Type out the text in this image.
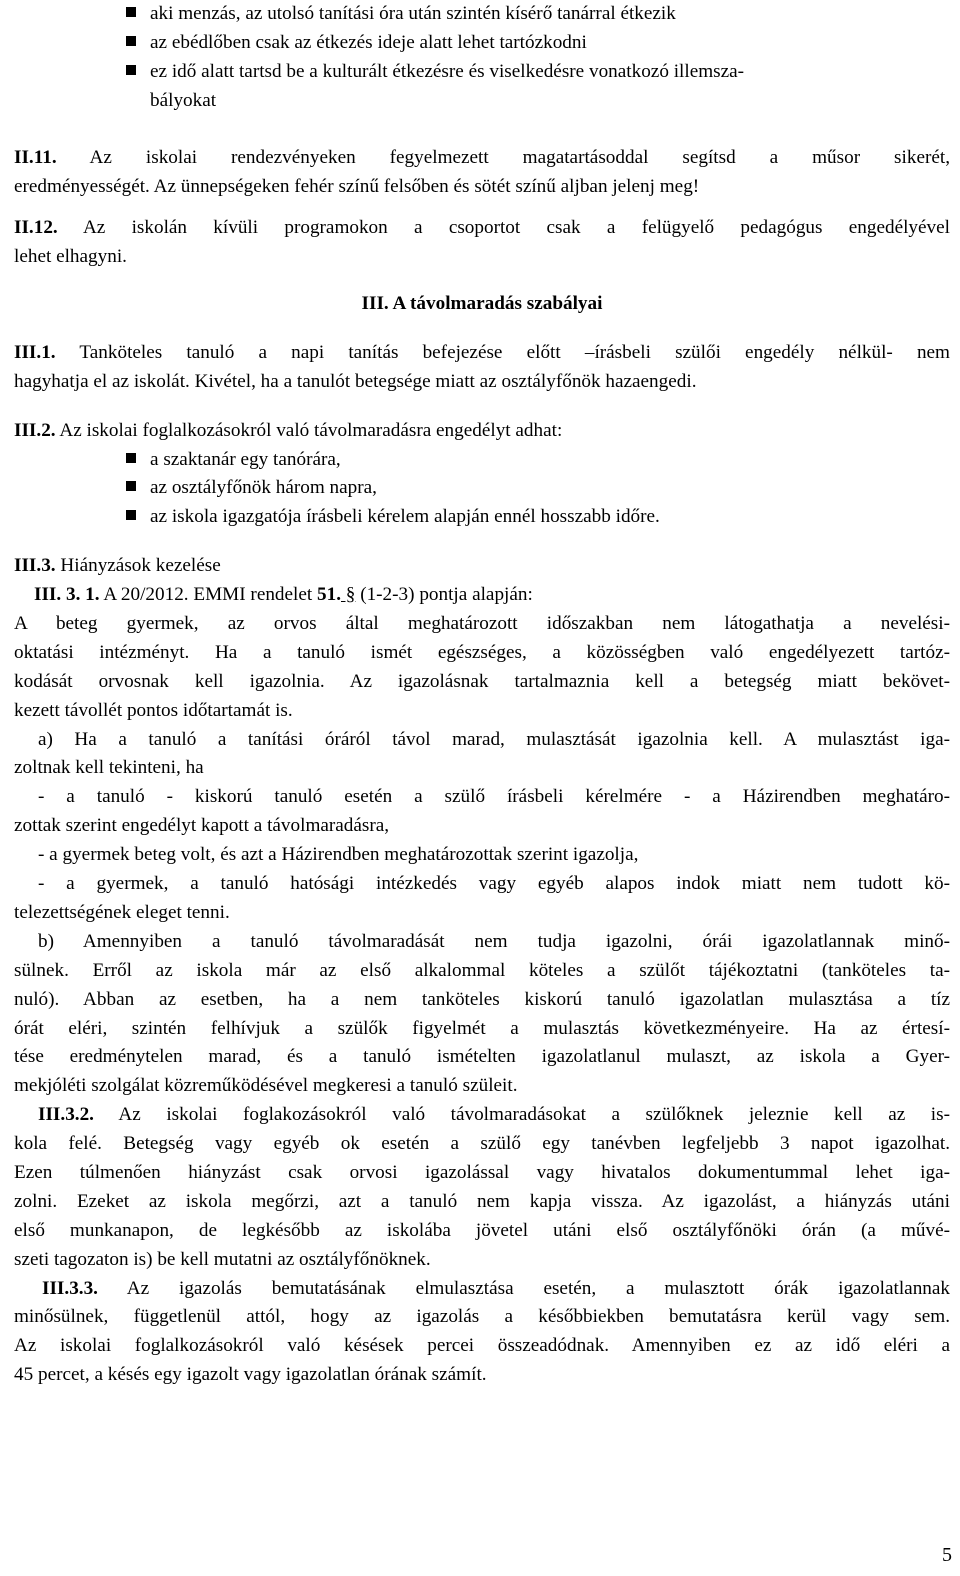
aki menzás, az utolsó tanítási óra után szintén kísérő tanárral étkezik
az ebédlőben csak az étkezés ideje alatt lehet tartózkodni
ez idő alatt tartsd be a kulturált étkezésre és viselkedésre vonatkozó illemsza-
bályokat
II.11. Az iskolai rendezvényeken fegyelmezett magatartásoddal segítsd a műsor sikerét,
eredményességét. Az ünnepségeken fehér színű felsőben és sötét színű aljban jelenj meg!
II.12. Az iskolán kívüli programokon a csoportot csak a felügyelő pedagógus engedélyével
lehet elhagyni.
III. A távolmaradás szabályai
III.1. Tanköteles tanuló a napi tanítás befejezése előtt –írásbeli szülői engedély nélkül- nem
hagyhatja el az iskolát. Kivétel, ha a tanulót betegsége miatt az osztályfőnök hazaengedi.
III.2. Az iskolai foglalkozásokról való távolmaradásra engedélyt adhat:
a szaktanár egy tanórára,
az osztályfőnök három napra,
az iskola igazgatója írásbeli kérelem alapján ennél hosszabb időre.
III.3. Hiányzások kezelése
III. 3. 1. A 20/2012. EMMI rendelet 51. § (1-2-3) pontja alapján:
A beteg gyermek, az orvos által meghatározott időszakban nem látogathatja a nevelési-
oktatási intézményt. Ha a tanuló ismét egészséges, a közösségben való engedélyezett tartóz-
kodását orvosnak kell igazolnia. Az igazolásnak tartalmaznia kell a betegség miatt bekövet-
kezett távollét pontos időtartamát is.
a) Ha a tanuló a tanítási óráról távol marad, mulasztását igazolnia kell. A mulasztást iga-
zoltnak kell tekinteni, ha
- a tanuló - kiskorú tanuló esetén a szülő írásbeli kérelmére - a Házirendben meghatáro-
zottak szerint engedélyt kapott a távolmaradásra,
- a gyermek beteg volt, és azt a Házirendben meghatározottak szerint igazolja,
- a gyermek, a tanuló hatósági intézkedés vagy egyéb alapos indok miatt nem tudott kö-
telezettségének eleget tenni.
b) Amennyiben a tanuló távolmaradását nem tudja igazolni, órái igazolatlannak minő-
sülnek. Erről az iskola már az első alkalommal köteles a szülőt tájékoztatni (tanköteles ta-
nuló). Abban az esetben, ha a nem tanköteles kiskorú tanuló igazolatlan mulasztása a tíz
órát eléri, szintén felhívjuk a szülők figyelmét a mulasztás következményeire. Ha az értesí-
tése eredménytelen marad, és a tanuló ismételten igazolatlanul mulaszt, az iskola a Gyer-
mekjóléti szolgálat közreműködésével megkeresi a tanuló szüleit.
III.3.2. Az iskolai foglakozásokról való távolmaradásokat a szülőknek jeleznie kell az is-
kola felé. Betegség vagy egyéb ok esetén a szülő egy tanévben legfeljebb 3 napot igazolhat.
Ezen túlmenően hiányzást csak orvosi igazolással vagy hivatalos dokumentummal lehet iga-
zolni. Ezeket az iskola megőrzi, azt a tanuló nem kapja vissza. Az igazolást, a hiányzás utáni
első munkanapon, de legkésőbb az iskolába jövetel utáni első osztályfőnöki órán (a művé-
szeti tagozaton is) be kell mutatni az osztályfőnöknek.
III.3.3. Az igazolás bemutatásának elmulasztása esetén, a mulasztott órák igazolatlannak
minősülnek, függetlenül attól, hogy az igazolás a későbbiekben bemutatásra kerül vagy sem.
Az iskolai foglalkozásokról való késések percei összeadódnak. Amennyiben ez az idő eléri a
45 percet, a késés egy igazolt vagy igazolatlan órának számít.
5
